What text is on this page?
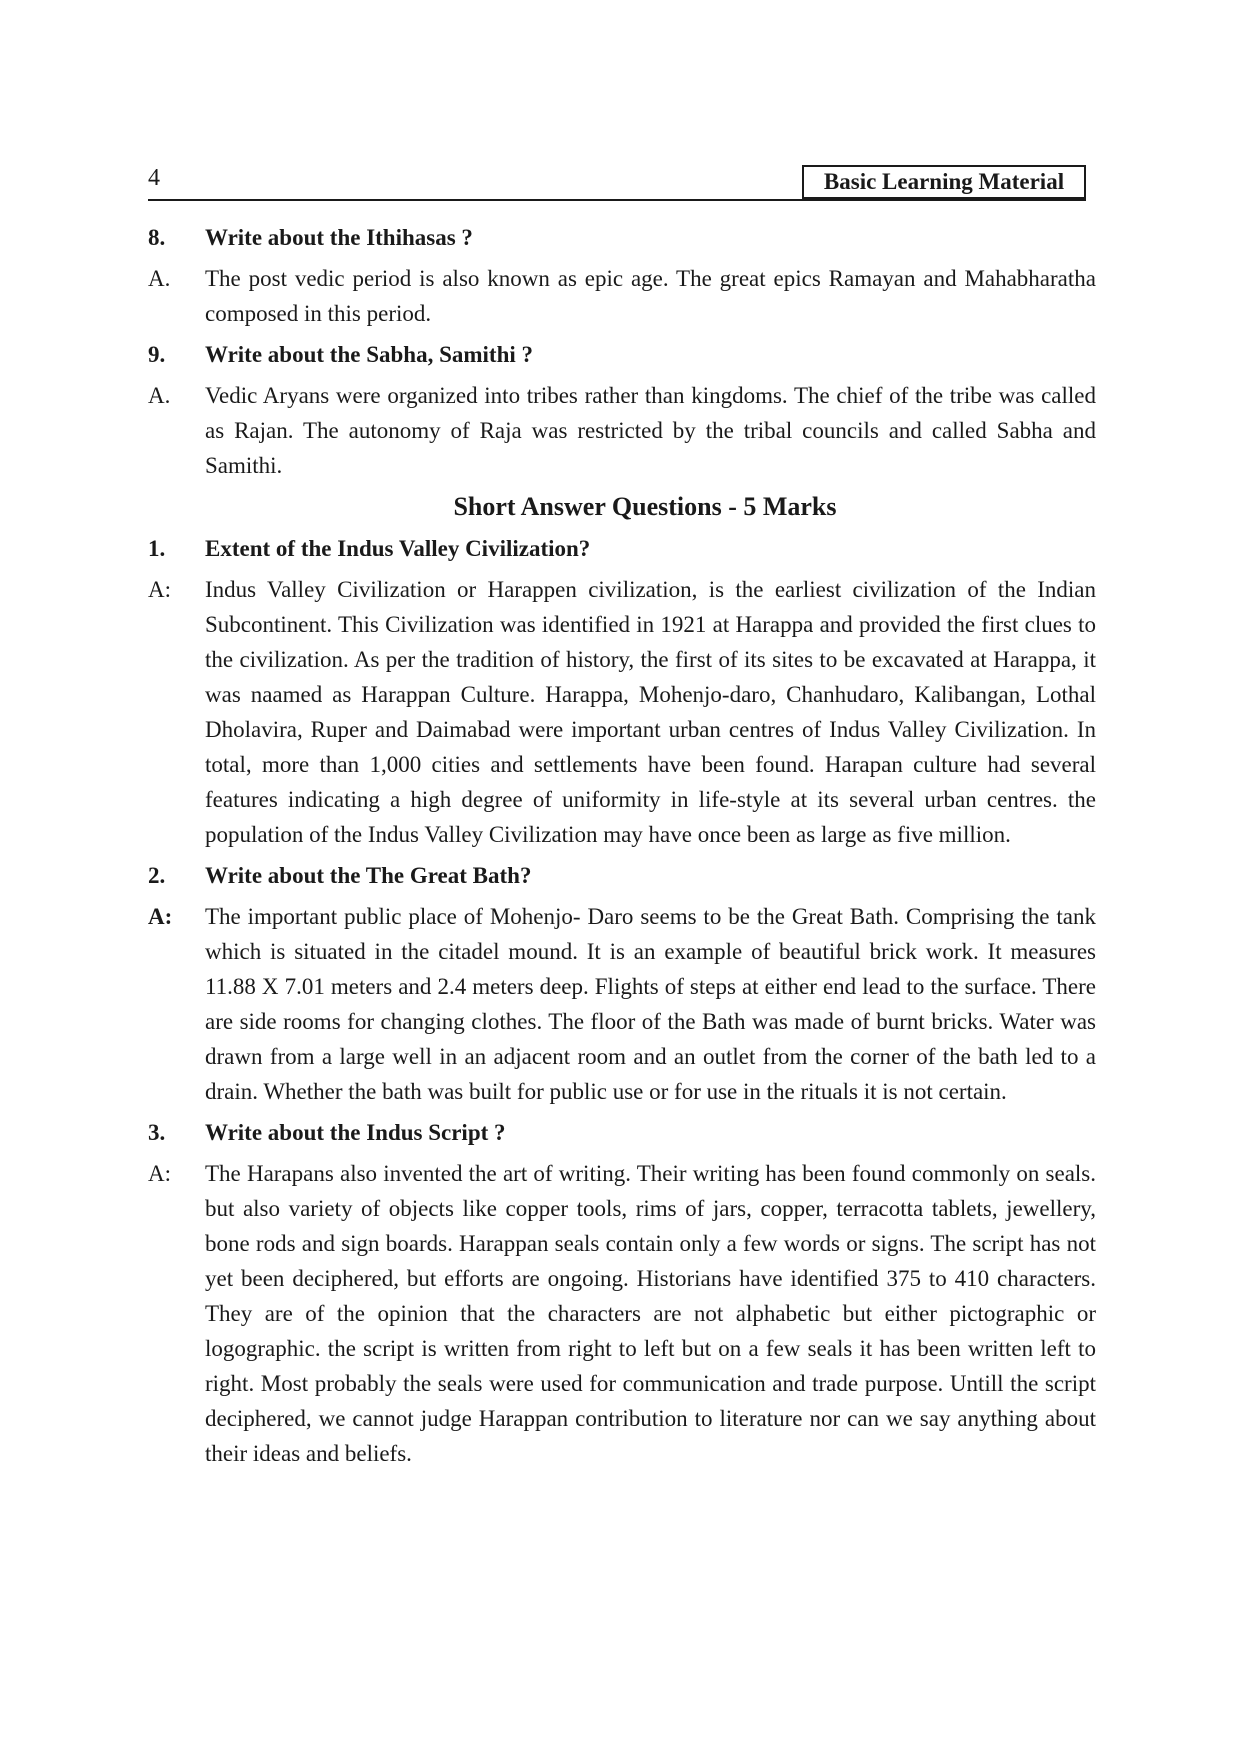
4	Basic Learning Material
8.	Write about the Ithihasas ?
A.	The post vedic period is also known as epic age. The great epics Ramayan and Mahabharatha composed in this period.
9.	Write about the Sabha, Samithi ?
A.	Vedic Aryans were organized into tribes rather than kingdoms. The chief of the tribe was called as Rajan. The autonomy of Raja was restricted by the tribal councils and called Sabha and Samithi.
Short Answer Questions - 5 Marks
1.	Extent of the Indus Valley Civilization?
A:	Indus Valley Civilization or Harappen civilization, is the earliest civilization of the Indian Subcontinent. This Civilization was identified in 1921 at Harappa and provided the first clues to the civilization. As per the tradition of history, the first of its sites to be excavated at Harappa, it was naamed as Harappan Culture. Harappa, Mohenjo-daro, Chanhudaro, Kalibangan, Lothal Dholavira, Ruper and Daimabad were important urban centres of Indus Valley Civilization. In total, more than 1,000 cities and settlements have been found. Harapan culture had several features indicating a high degree of uniformity in life-style at its several urban centres. the population of the Indus Valley Civilization may have once been as large as five million.
2.	Write about the The Great Bath?
A:	The important public place of Mohenjo- Daro seems to be the Great Bath. Comprising the tank which is situated in the citadel mound. It is an example of beautiful brick work. It measures 11.88 X 7.01 meters and 2.4 meters deep. Flights of steps at either end lead to the surface. There are side rooms for changing clothes. The floor of the Bath was made of burnt bricks. Water was drawn from a large well in an adjacent room and an outlet from the corner of the bath led to a drain. Whether the bath was built for public use or for use in the rituals it is not certain.
3.	Write about the Indus Script ?
A:	The Harapans also invented the art of writing. Their writing has been found commonly on seals. but also variety of objects like copper tools, rims of jars, copper, terracotta tablets, jewellery, bone rods and sign boards. Harappan seals contain only a few words or signs. The script has not yet been deciphered, but efforts are ongoing. Historians have identified 375 to 410 characters. They are of the opinion that the characters are not alphabetic but either pictographic or logographic. the script is written from right to left but on a few seals it has been written left to right. Most probably the seals were used for communication and trade purpose. Untill the script deciphered, we cannot judge Harappan contribution to literature nor can we say anything about their ideas and beliefs.
